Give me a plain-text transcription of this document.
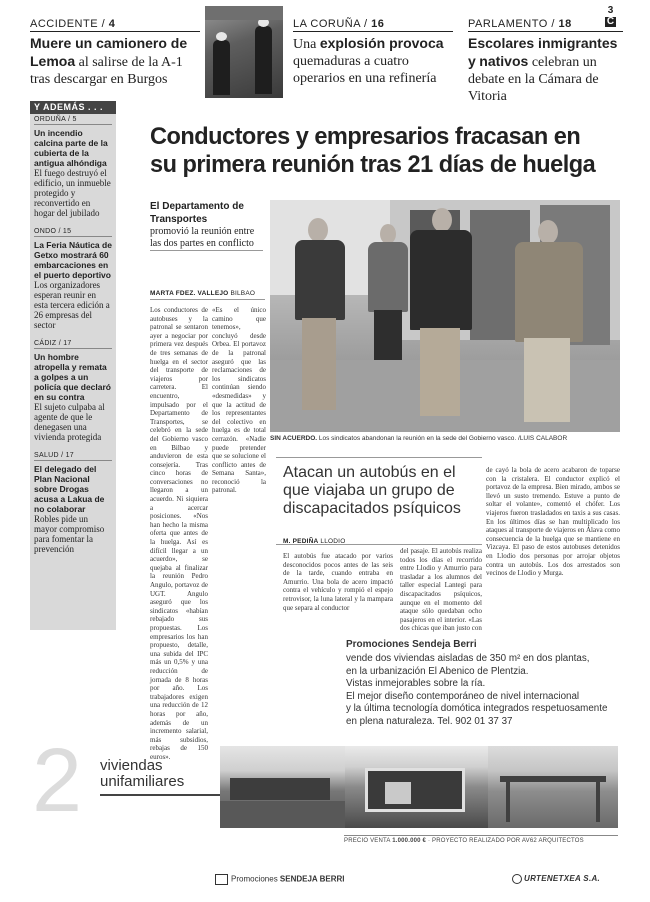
ACCIDENTE / 4
Muere un camionero de Lemoa al salirse de la A-1 tras descargar en Burgos
LA CORUÑA / 16
Una explosión provoca quemaduras a cuatro operarios en una refinería
PARLAMENTO / 18
Escolares inmigrantes y nativos celebran un debate en la Cámara de Vitoria
3
C
Y ADEMÁS . . .
ORDUÑA / 5
Un incendio calcina parte de la cubierta de la antigua alhóndiga
El fuego destruyó el edificio, un inmueble protegido y reconvertido en hogar del jubilado
ONDO / 15
La Feria Náutica de Getxo mostrará 60 embarcaciones en el puerto deportivo
Los organizadores esperan reunir en esta tercera edición a 26 empresas del sector
CÁDIZ / 17
Un hombre atropella y remata a golpes a un policía que declaró en su contra
El sujeto culpaba al agente de que le denegasen una vivienda protegida
SALUD / 17
El delegado del Plan Nacional sobre Drogas acusa a Lakua de no colaborar
Robles pide un mayor compromiso para fomentar la prevención
Conductores y empresarios fracasan en su primera reunión tras 21 días de huelga
El Departamento de Transportes
promovió la reunión entre las dos partes en conflicto
MARTA FDEZ. VALLEJO BILBAO
Los conductores de autobuses y la patronal se sentaron ayer a negociar por primera vez después de tres semanas de huelga en el sector del transporte de viajeros por carretera. El encuentro, impulsado por el Departamento de Transportes, se celebró en la sede del Gobierno vasco en Bilbao y anduvieron de esta consejería. Tras cinco horas de conversaciones no llegaron a un acuerdo. Ni siquiera a acercar posiciones. «Nos han hecho la misma oferta que antes de la huelga. Así es difícil llegar a un acuerdo», se quejaba al finalizar la reunión Pedro Angulo, portavoz de UGT. Angulo aseguró que los sindicatos «habían rebajado sus propuestas. Los empresarios los han propuesto, detalle, una subida del IPC más un 0,5% y una reducción de jornada de 8 horas por año. Los trabajadores exigen una reducción de 12 horas por año, además de un incremento salarial, más subsidios, rebajas de 150 euros».
«Es el único camino que tenemos», concluyó desde Orbea. El portavoz de la patronal aseguró que las reclamaciones de los sindicatos continúan siendo «desmedidas» y que la actitud de los representantes del colectivo en huelga es de total cerrazón. «Nadie puede pretender que se solucione el conflicto antes de Semana Santa», reconoció la patronal.
SIN ACUERDO. Los sindicatos abandonan la reunión en la sede del Gobierno vasco. /LUIS CALABOR
Atacan un autobús en el que viajaba un grupo de discapacitados psíquicos
M. PEDIÑA LLODIO
El autobús fue atacado por varios desconocidos pocos antes de las seis de la tarde, cuando entraba en Amurrio. Una bola de acero impactó contra el vehículo y rompió el espejo retrovisor, la luna lateral y la mampara que separa al conductor
del pasaje. El autobús realiza todos los días el recorrido entre Llodio y Amurrio para trasladar a los alumnos del taller especial Lantegi para discapacitados psíquicos, aunque en el momento del ataque sólo quedaban ocho pasajeros en el interior. «Las dos chicas que iban justo con
de cayó la bola de acero acabaron de toparse con la cristalera. El conductor explicó el portavoz de la empresa. Bien mirado, ambos se llevó un susto tremendo. Estuve a punto de soltar el volante», comentó el chófer. Los viajeros fueron trasladados en taxis a sus casas. En los últimos días se han multiplicado los ataques al transporte de viajeros en Álava como consecuencia de la huelga que se mantiene en Vizcaya. El paso de estos autobuses detenidos en Llodio dos personas por arrojar objetos contra un autobús. Los dos arrestados son vecinos de Llodio y Murga.
Promociones Sendeja Berri
vende dos viviendas aisladas de 350 m² en dos plantas,
en la urbanización El Abenico de Plentzia.
Vistas inmejorables sobre la ría.
El mejor diseño contemporáneo de nivel internacional
y la última tecnología domótica integrados respetuosamente
en plena naturaleza. Tel. 902 01 37 37
2 viviendas
unifamiliares
PRECIO VENTA 1.000.000 € · PROYECTO REALIZADO POR AV62 ARQUITECTOS
Promociones SENDEJA BERRI	URTENETXEA S.A.
